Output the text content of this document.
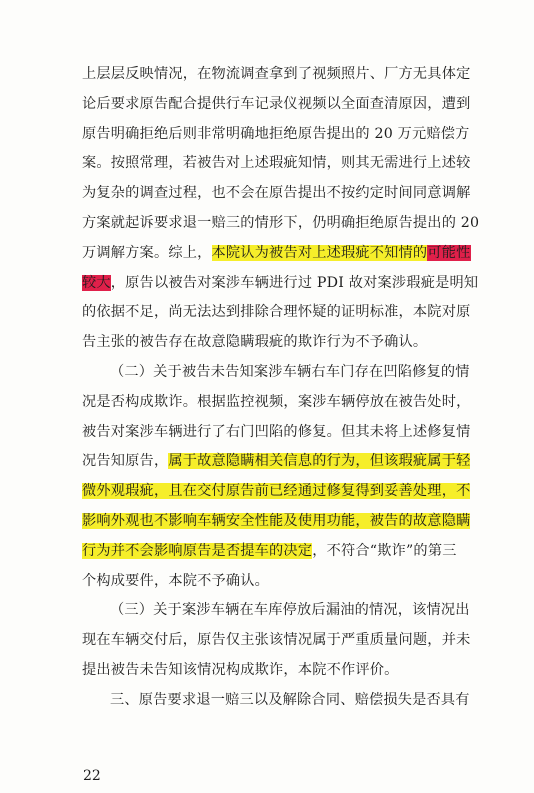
上层层反映情况，在物流调查拿到了视频照片、厂方无具体定
论后要求原告配合提供行车记录仪视频以全面查清原因，遭到
原告明确拒绝后则非常明确地拒绝原告提出的 20 万元赔偿方
案。按照常理，若被告对上述瑕疵知情，则其无需进行上述较
为复杂的调查过程，也不会在原告提出不按约定时间同意调解
方案就起诉要求退一赔三的情形下，仍明确拒绝原告提出的 20
万调解方案。综上，本院认为被告对上述瑕疵不知情的可能性
较大，原告以被告对案涉车辆进行过 PDI 故对案涉瑕疵是明知
的依据不足，尚无法达到排除合理怀疑的证明标准，本院对原
告主张的被告存在故意隐瞒瑕疵的欺诈行为不予确认。
（二）关于被告未告知案涉车辆右车门存在凹陷修复的情
况是否构成欺诈。根据监控视频，案涉车辆停放在被告处时，
被告对案涉车辆进行了右门凹陷的修复。但其未将上述修复情
况告知原告，属于故意隐瞒相关信息的行为，但该瑕疵属于轻
微外观瑕疵，且在交付原告前已经通过修复得到妥善处理，不
影响外观也不影响车辆安全性能及使用功能，被告的故意隐瞒
行为并不会影响原告是否提车的决定，不符合“欺诈”的第三
个构成要件，本院不予确认。
（三）关于案涉车辆在车库停放后漏油的情况，该情况出
现在车辆交付后，原告仅主张该情况属于严重质量问题，并未
提出被告未告知该情况构成欺诈，本院不作评价。
三、原告要求退一赔三以及解除合同、赔偿损失是否具有
22
